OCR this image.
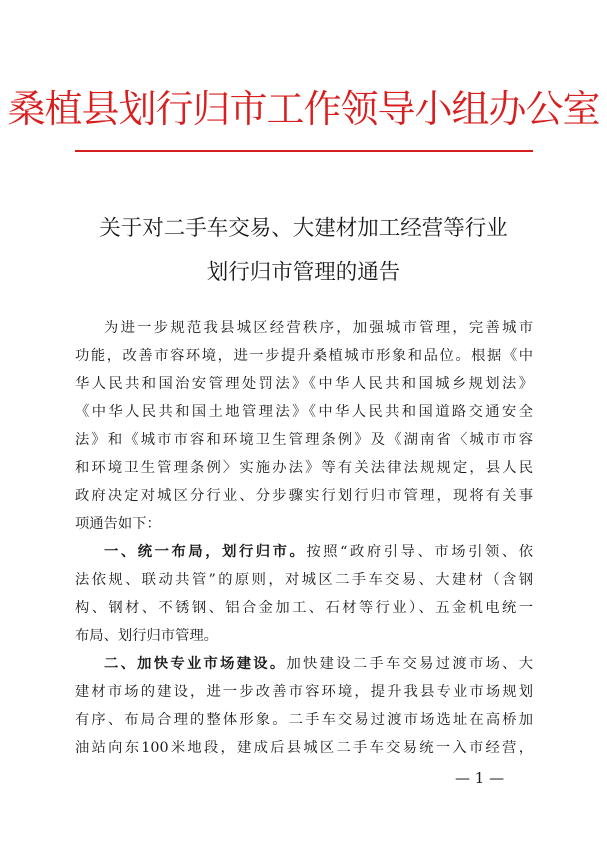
桑植县划行归市工作领导小组办公室
关于对二手车交易、大建材加工经营等行业
划行归市管理的通告
为进一步规范我县城区经营秩序，加强城市管理，完善城市
功能，改善市容环境，进一步提升桑植城市形象和品位。根据《中
华人民共和国治安管理处罚法》《中华人民共和国城乡规划法》
《中华人民共和国土地管理法》《中华人民共和国道路交通安全
法》和《城市市容和环境卫生管理条例》及《湖南省〈城市市容
和环境卫生管理条例〉实施办法》等有关法律法规规定，县人民
政府决定对城区分行业、分步骤实行划行归市管理，现将有关事
项通告如下：
一、统一布局，划行归市。按照“政府引导、市场引领、依
法依规、联动共管”的原则，对城区二手车交易、大建材（含钢
构、钢材、不锈钢、铝合金加工、石材等行业）、五金机电统一
布局、划行归市管理。
二、加快专业市场建设。加快建设二手车交易过渡市场、大
建材市场的建设，进一步改善市容环境，提升我县专业市场规划
有序、布局合理的整体形象。二手车交易过渡市场选址在高桥加
油站向东100米地段，建成后县城区二手车交易统一入市经营，
— 1 —
